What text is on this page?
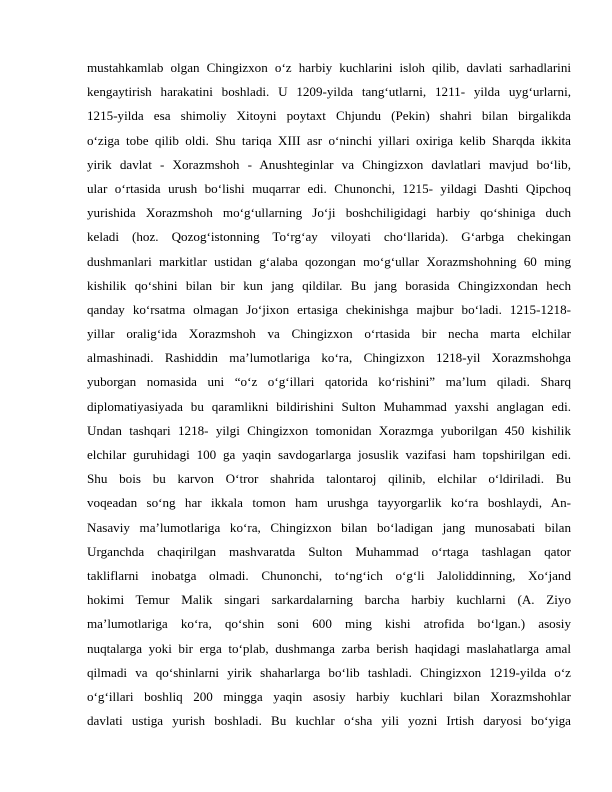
mustahkamlab olgan Chingizxon o‘z harbiy kuchlarini isloh qilib, davlati sarhadlarini
kengaytirish harakatini boshladi. U 1209-yilda tang‘utlarni, 1211- yilda uyg‘urlarni,
1215-yilda esa shimoliy Xitoyni poytaxt Chjundu (Pekin) shahri bilan birgalikda
o‘ziga tobe qilib oldi. Shu tariqa XIII asr o‘ninchi yillari oxiriga kelib Sharqda ikkita
yirik davlat - Xorazmshoh - Anushteginlar va Chingizxon davlatlari mavjud bo‘lib,
ular o‘rtasida urush bo‘lishi muqarrar edi. Chunonchi, 1215- yildagi Dashti Qipchoq
yurishida Xorazmshoh mo‘g‘ullarning Jo‘ji boshchiligidagi harbiy qo‘shiniga duch
keladi (hoz. Qozog‘istonning To‘rg‘ay viloyati cho‘llarida). G‘arbga chekingan
dushmanlari markitlar ustidan g‘alaba qozongan mo‘g‘ullar Xorazmshohning 60 ming
kishilik qo‘shini bilan bir kun jang qildilar. Bu jang borasida Chingizxondan hech
qanday ko‘rsatma olmagan Jo‘jixon ertasiga chekinishga majbur bo‘ladi. 1215-1218-
yillar oralig‘ida Xorazmshoh va Chingizxon o‘rtasida bir necha marta elchilar
almashinadi. Rashiddin ma’lumotlariga ko‘ra, Chingizxon 1218-yil Xorazmshohga
yuborgan nomasida uni “o‘z o‘g‘illari qatorida ko‘rishini” ma’lum qiladi. Sharq
diplomatiyasiyada bu qaramlikni bildirishini Sulton Muhammad yaxshi anglagan edi.
Undan tashqari 1218- yilgi Chingizxon tomonidan Xorazmga yuborilgan 450 kishilik
elchilar guruhidagi 100 ga yaqin savdogarlarga josuslik vazifasi ham topshirilgan edi.
Shu bois bu karvon O‘tror shahrida talontaroj qilinib, elchilar o‘ldiriladi. Bu
voqeadan so‘ng har ikkala tomon ham urushga tayyorgarlik ko‘ra boshlaydi, An-
Nasaviy ma’lumotlariga ko‘ra, Chingizxon bilan bo‘ladigan jang munosabati bilan
Urganchda chaqirilgan mashvaratda Sulton Muhammad o‘rtaga tashlagan qator
takliflarni inobatga olmadi. Chunonchi, to‘ng‘ich o‘g‘li Jaloliddinning, Xo‘jand
hokimi Temur Malik singari sarkardalarning barcha harbiy kuchlarni (A. Ziyo
ma’lumotlariga ko‘ra, qo‘shin soni 600 ming kishi atrofida bo‘lgan.) asosiy
nuqtalarga yoki bir erga to‘plab, dushmanga zarba berish haqidagi maslahatlarga amal
qilmadi va qo‘shinlarni yirik shaharlarga bo‘lib tashladi. Chingizxon 1219-yilda o‘z
o‘g‘illari boshliq 200 mingga yaqin asosiy harbiy kuchlari bilan Xorazmshohlar
davlati ustiga yurish boshladi. Bu kuchlar o‘sha yili yozni Irtish daryosi bo‘yiga
